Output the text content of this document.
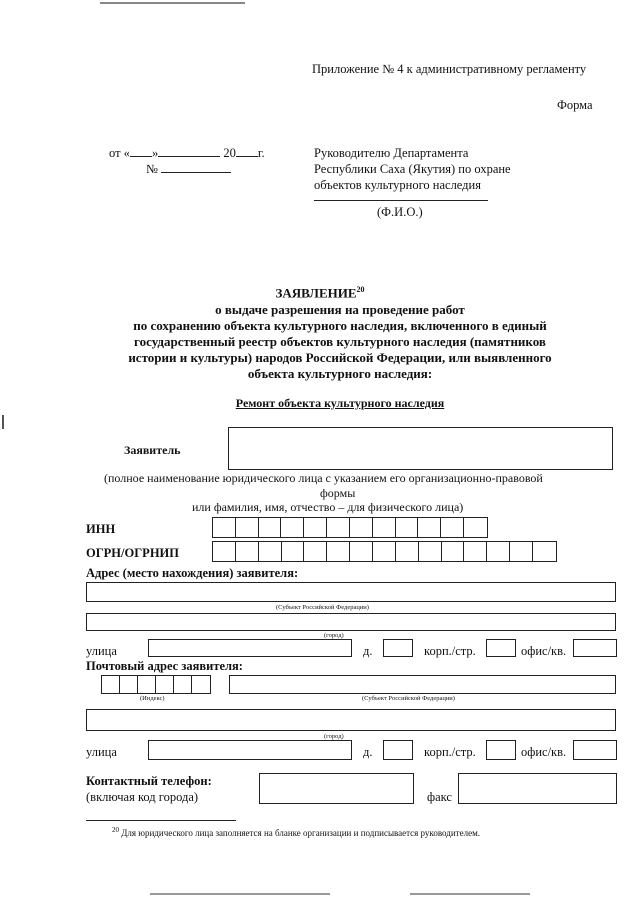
Приложение № 4 к административному регламенту
Форма
от « »	20 г.
№
Руководителю Департамента
Республики Саха (Якутия) по охране
объектов культурного наследия
(Ф.И.О.)
ЗАЯВЛЕНИЕ$^{20}$
о выдаче разрешения на проведение работ
по сохранению объекта культурного наследия, включенного в единый
государственный реестр объектов культурного наследия (памятников
истории и культуры) народов Российской Федерации, или выявленного
объекта культурного наследия:
Ремонт объекта культурного наследия
Заявитель
(полное наименование юридического лица с указанием его организационно-правовой
формы
или фамилия, имя, отчество – для физического лица)
ИНН
ОГРН/ОГРНИП
Адрес (место нахождения) заявителя:
(Субъект Российской Федерации)
(город)
улица	д.	корп./стр.	офис/кв.
Почтовый адрес заявителя:
(Индекс)	(Субъект Российской Федерации)
(город)
улица	д.	корп./стр.	офис/кв.
Контактный телефон:
(включая код города)	факс
$^{20}$ Для юридического лица заполняется на бланке организации и подписывается руководителем.
